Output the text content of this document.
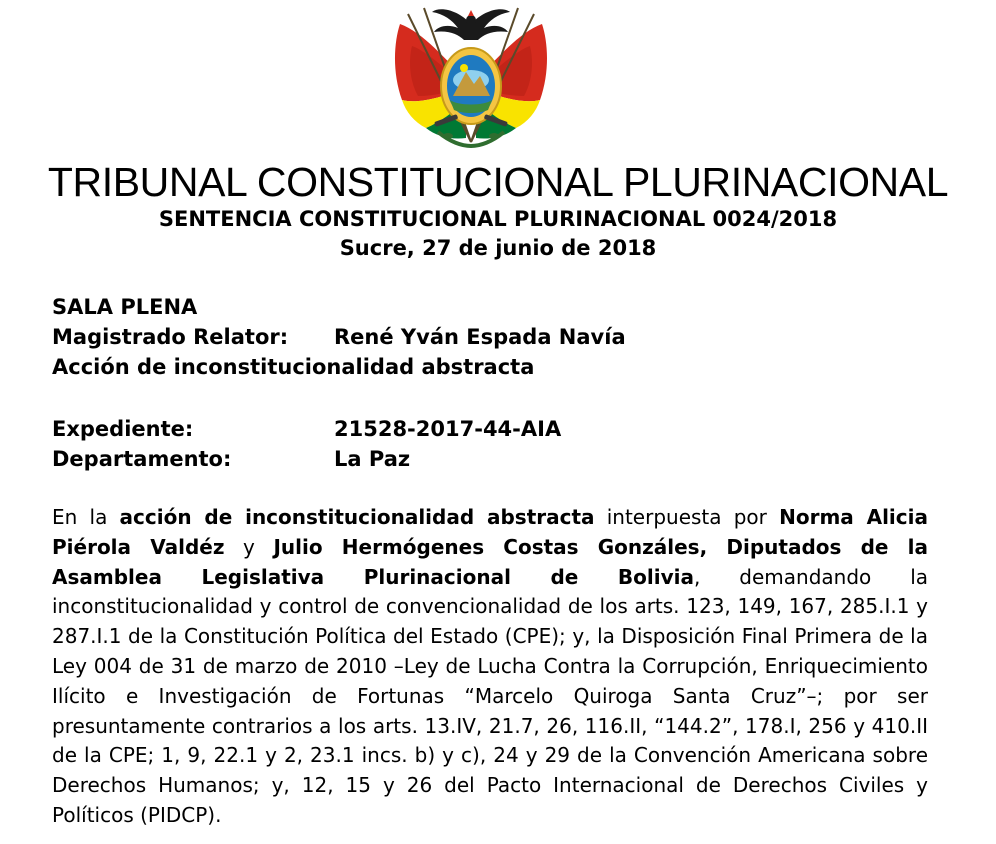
TRIBUNAL CONSTITUCIONAL PLURINACIONAL
SENTENCIA CONSTITUCIONAL PLURINACIONAL 0024/2018
Sucre, 27 de junio de 2018
SALA PLENA
Magistrado Relator: René Yván Espada Navía
Acción de inconstitucionalidad abstracta
Expediente:	21528-2017-44-AIA
Departamento:	La Paz

En la acción de inconstitucionalidad abstracta interpuesta por Norma Alicia Piérola Valdéz y Julio Hermógenes Costas Gonzáles, Diputados de la Asamblea Legislativa Plurinacional de Bolivia, demandando la inconstitucionalidad y control de convencionalidad de los arts. 123, 149, 167, 285.I.1 y 287.I.1 de la Constitución Política del Estado (CPE); y, la Disposición Final Primera de la Ley 004 de 31 de marzo de 2010 –Ley de Lucha Contra la Corrupción, Enriquecimiento Ilícito e Investigación de Fortunas “Marcelo Quiroga Santa Cruz”–; por ser presuntamente contrarios a los arts. 13.IV, 21.7, 26, 116.II, “144.2”, 178.I, 256 y 410.II de la CPE; 1, 9, 22.1 y 2, 23.1 incs. b) y c), 24 y 29 de la Convención Americana sobre Derechos Humanos; y, 12, 15 y 26 del Pacto Internacional de Derechos Civiles y Políticos (PIDCP).
